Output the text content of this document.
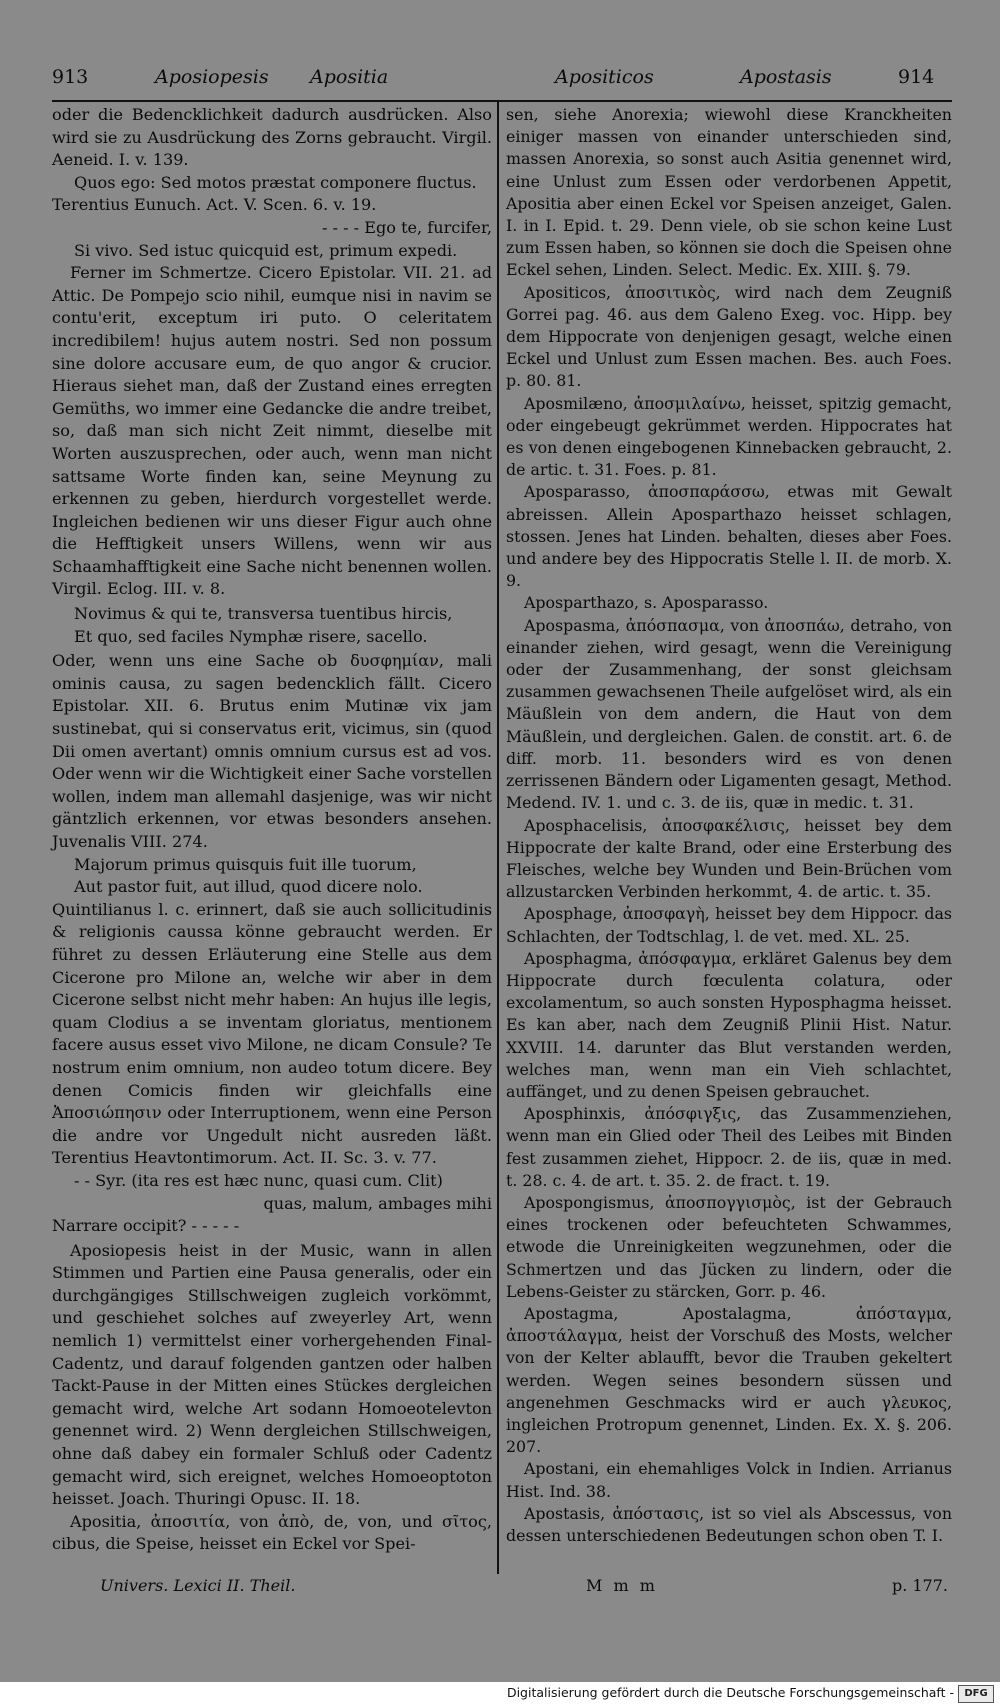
913	Aposiopesis Apositia	Apositicos	Apostasis	914

oder die Bedencklichkeit dadurch ausdrücken. Also wird sie zu Ausdrückung des Zorns gebraucht. Virgil. Aeneid. I. v. 139.

Quos ego: Sed motos præstat componere fluctus.

Terentius Eunuch. Act. V. Scen. 6. v. 19.

- - - - Ego te, furcifer,

Si vivo. Sed istuc quicquid est, primum expedi.

Ferner im Schmertze. Cicero Epistolar. VII. 21. ad Attic. De Pompejo scio nihil, eumque nisi in navim se contu'erit, exceptum iri puto. O celeritatem incredibilem! hujus autem nostri. Sed non possum sine dolore accusare eum, de quo angor & crucior. Hieraus siehet man, daß der Zustand eines erregten Gemüths, wo immer eine Gedancke die andre treibet, so, daß man sich nicht Zeit nimmt, dieselbe mit Worten auszusprechen, oder auch, wenn man nicht sattsame Worte finden kan, seine Meynung zu erkennen zu geben, hierdurch vorgestellet werde. Ingleichen bedienen wir uns dieser Figur auch ohne die Hefftigkeit unsers Willens, wenn wir aus Schaamhafftigkeit eine Sache nicht benennen wollen. Virgil. Eclog. III. v. 8.

Novimus & qui te, transversa tuentibus hircis,

Et quo, sed faciles Nymphæ risere, sacello.

Oder, wenn uns eine Sache ob δυσφημίαν, mali ominis causa, zu sagen bedencklich fällt. Cicero Epistolar. XII. 6. Brutus enim Mutinæ vix jam sustinebat, qui si conservatus erit, vicimus, sin (quod Dii omen avertant) omnis omnium cursus est ad vos. Oder wenn wir die Wichtigkeit einer Sache vorstellen wollen, indem man allemahl dasjenige, was wir nicht gäntzlich erkennen, vor etwas besonders ansehen. Juvenalis VIII. 274.

Majorum primus quisquis fuit ille tuorum,

Aut pastor fuit, aut illud, quod dicere nolo.

Quintilianus l. c. erinnert, daß sie auch sollicitudinis & religionis caussa könne gebraucht werden. Er führet zu dessen Erläuterung eine Stelle aus dem Cicerone pro Milone an, welche wir aber in dem Cicerone selbst nicht mehr haben: An hujus ille legis, quam Clodius a se inventam gloriatus, mentionem facere ausus esset vivo Milone, ne dicam Consule? Te nostrum enim omnium, non audeo totum dicere. Bey denen Comicis finden wir gleichfalls eine Ἀποσιώπησιν oder Interruptionem, wenn eine Person die andre vor Ungedult nicht ausreden läßt. Terentius Heavtontimorum. Act. II. Sc. 3. v. 77.

- - Syr. (ita res est hæc nunc, quasi cum. Clit)

quas, malum, ambages mihi

Narrare occipit? - - - - -

Aposiopesis heist in der Music, wann in allen Stimmen und Partien eine Pausa generalis, oder ein durchgängiges Stillschweigen zugleich vorkömmt, und geschiehet solches auf zweyerley Art, wenn nemlich 1) vermittelst einer vorhergehenden Final-Cadentz, und darauf folgenden gantzen oder halben Tackt-Pause in der Mitten eines Stückes dergleichen gemacht wird, welche Art sodann Homoeotelevton genennet wird. 2) Wenn dergleichen Stillschweigen, ohne daß dabey ein formaler Schluß oder Cadentz gemacht wird, sich ereignet, welches Homoeoptoton heisset. Joach. Thuringi Opusc. II. 18.

Apositia, ἀποσιτία, von ἀπὸ, de, von, und σῖτος, cibus, die Speise, heisset ein Eckel vor Spei-

sen, siehe Anorexia; wiewohl diese Kranckheiten einiger massen von einander unterschieden sind, massen Anorexia, so sonst auch Asitia genennet wird, eine Unlust zum Essen oder verdorbenen Appetit, Apositia aber einen Eckel vor Speisen anzeiget, Galen. I. in I. Epid. t. 29. Denn viele, ob sie schon keine Lust zum Essen haben, so können sie doch die Speisen ohne Eckel sehen, Linden. Select. Medic. Ex. XIII. §. 79.

Apositicos, ἀποσιτικὸς, wird nach dem Zeugniß Gorrei pag. 46. aus dem Galeno Exeg. voc. Hipp. bey dem Hippocrate von denjenigen gesagt, welche einen Eckel und Unlust zum Essen machen. Bes. auch Foes. p. 80. 81.

Aposmilæno, ἀποσμιλαίνω, heisset, spitzig gemacht, oder eingebeugt gekrümmet werden. Hippocrates hat es von denen eingebogenen Kinnebacken gebraucht, 2. de artic. t. 31. Foes. p. 81.

Aposparasso, ἀποσπαράσσω, etwas mit Gewalt abreissen. Allein Aposparthazo heisset schlagen, stossen. Jenes hat Linden. behalten, dieses aber Foes. und andere bey des Hippocratis Stelle l. II. de morb. X. 9.

Aposparthazo, s. Aposparasso.

Apospasma, ἀπόσπασμα, von ἀποσπάω, detraho, von einander ziehen, wird gesagt, wenn die Vereinigung oder der Zusammenhang, der sonst gleichsam zusammen gewachsenen Theile aufgelöset wird, als ein Mäußlein von dem andern, die Haut von dem Mäußlein, und dergleichen. Galen. de constit. art. 6. de diff. morb. 11. besonders wird es von denen zerrissenen Bändern oder Ligamenten gesagt, Method. Medend. IV. 1. und c. 3. de iis, quæ in medic. t. 31.

Aposphacelisis, ἀποσφακέλισις, heisset bey dem Hippocrate der kalte Brand, oder eine Ersterbung des Fleisches, welche bey Wunden und Bein-Brüchen vom allzustarcken Verbinden herkommt, 4. de artic. t. 35.

Aposphage, ἀποσφαγὴ, heisset bey dem Hippocr. das Schlachten, der Todtschlag, l. de vet. med. XL. 25.

Aposphagma, ἀπόσφαγμα, erkläret Galenus bey dem Hippocrate durch fœculenta colatura, oder excolamentum, so auch sonsten Hyposphagma heisset. Es kan aber, nach dem Zeugniß Plinii Hist. Natur. XXVIII. 14. darunter das Blut verstanden werden, welches man, wenn man ein Vieh schlachtet, auffänget, und zu denen Speisen gebrauchet.

Aposphinxis, ἀπόσφιγξις, das Zusammenziehen, wenn man ein Glied oder Theil des Leibes mit Binden fest zusammen ziehet, Hippocr. 2. de iis, quæ in med. t. 28. c. 4. de art. t. 35. 2. de fract. t. 19.

Apospongismus, ἀποσπογγισμὸς, ist der Gebrauch eines trockenen oder befeuchteten Schwammes, etwode die Unreinigkeiten wegzunehmen, oder die Schmertzen und das Jücken zu lindern, oder die Lebens-Geister zu stärcken, Gorr. p. 46.

Apostagma, Apostalagma, ἀπόσταγμα, ἀποστάλαγμα, heist der Vorschuß des Mosts, welcher von der Kelter ablaufft, bevor die Trauben gekeltert werden. Wegen seines besondern süssen und angenehmen Geschmacks wird er auch γλευκος, ingleichen Protropum genennet, Linden. Ex. X. §. 206. 207.

Apostani, ein ehemahliges Volck in Indien. Arrianus Hist. Ind. 38.

Apostasis, ἀπόστασις, ist so viel als Abscessus, von dessen unterschiedenen Bedeutungen schon oben T. I.

Univers. Lexici II. Theil.	M m m	p. 177.
Digitalisierung gefördert durch die Deutsche Forschungsgemeinschaft -	DFG
